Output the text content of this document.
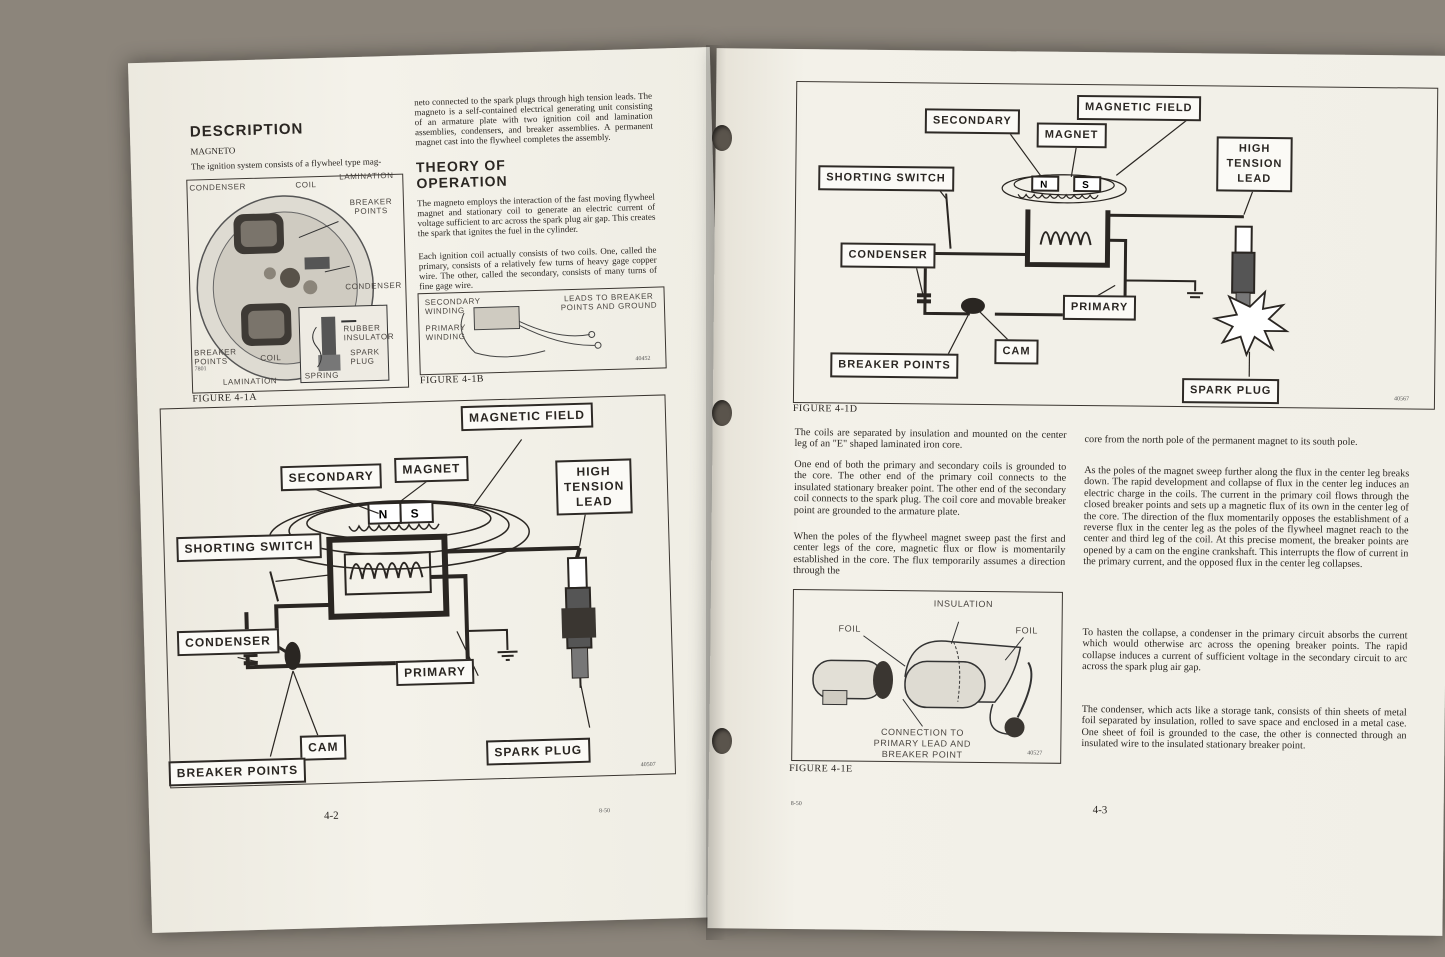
DESCRIPTION
MAGNETO
The ignition system consists of a flywheel type mag-
neto connected to the spark plugs through high tension leads. The magneto is a self-contained electrical generating unit consisting of an armature plate with two ignition coil and lamination assemblies, condensers, and breaker assemblies. A permanent magnet cast into the flywheel completes the assembly.
THEORY OF
OPERATION
The magneto employs the interaction of the fast moving flywheel magnet and stationary coil to generate an electric current of voltage sufficient to arc across the spark plug air gap. This creates the spark that ignites the fuel in the cylinder.
Each ignition coil actually consists of two coils. One, called the primary, consists of a relatively few turns of heavy gage copper wire. The other, called the secondary, consists of many turns of fine gage wire.
CONDENSER	COIL
LAMINATION
BREAKER POINTS
CONDENSER
RUBBER INSULATOR
SPARK PLUG
BREAKER POINTS	COIL
LAMINATION
SPRING
7801
FIGURE 4-1A
SECONDARY WINDING
PRIMARY WINDING
LEADS TO BREAKER POINTS AND GROUND
40452
FIGURE 4-1B
N S
MAGNETIC FIELD
SECONDARY	MAGNET	HIGH TENSION LEAD
SHORTING SWITCH
CONDENSER
PRIMARY
CAM
BREAKER POINTS
SPARK PLUG
40507
4-2	8-50
N	S
MAGNETIC FIELD
SECONDARY
MAGNET
HIGH TENSION LEAD
SHORTING SWITCH
CONDENSER
PRIMARY
CAM
BREAKER POINTS
SPARK PLUG
40567
FIGURE 4-1D
The coils are separated by insulation and mounted on the center leg of an "E" shaped laminated iron core.
One end of both the primary and secondary coils is grounded to the core. The other end of the primary coil connects to the insulated stationary breaker point. The other end of the secondary coil connects to the spark plug. The coil core and movable breaker point are grounded to the armature plate.
When the poles of the flywheel magnet sweep past the first and center legs of the core, magnetic flux or flow is momentarily established in the core. The flux temporarily assumes a direction through the
INSULATION
FOIL	FOIL
CONNECTION TO PRIMARY LEAD AND BREAKER POINT	40527
FIGURE 4-1E
core from the north pole of the permanent magnet to its south pole.
As the poles of the magnet sweep further along the flux in the center leg breaks down. The rapid development and collapse of flux in the center leg induces an electric charge in the coils. The current in the primary coil flows through the closed breaker points and sets up a magnetic flux of its own in the center leg of the core. The direction of the flux momentarily opposes the establishment of a reverse flux in the center leg as the poles of the flywheel magnet reach to the center and third leg of the coil. At this precise moment, the breaker points are opened by a cam on the engine crankshaft. This interrupts the flow of current in the primary current, and the opposed flux in the center leg collapses.
To hasten the collapse, a condenser in the primary circuit absorbs the current which would otherwise arc across the opening breaker points. The rapid collapse induces a current of sufficient voltage in the secondary circuit to arc across the spark plug air gap.
The condenser, which acts like a storage tank, consists of thin sheets of metal foil separated by insulation, rolled to save space and enclosed in a metal case. One sheet of foil is grounded to the case, the other is connected through an insulated wire to the insulated stationary breaker point.
8-50
4-3
